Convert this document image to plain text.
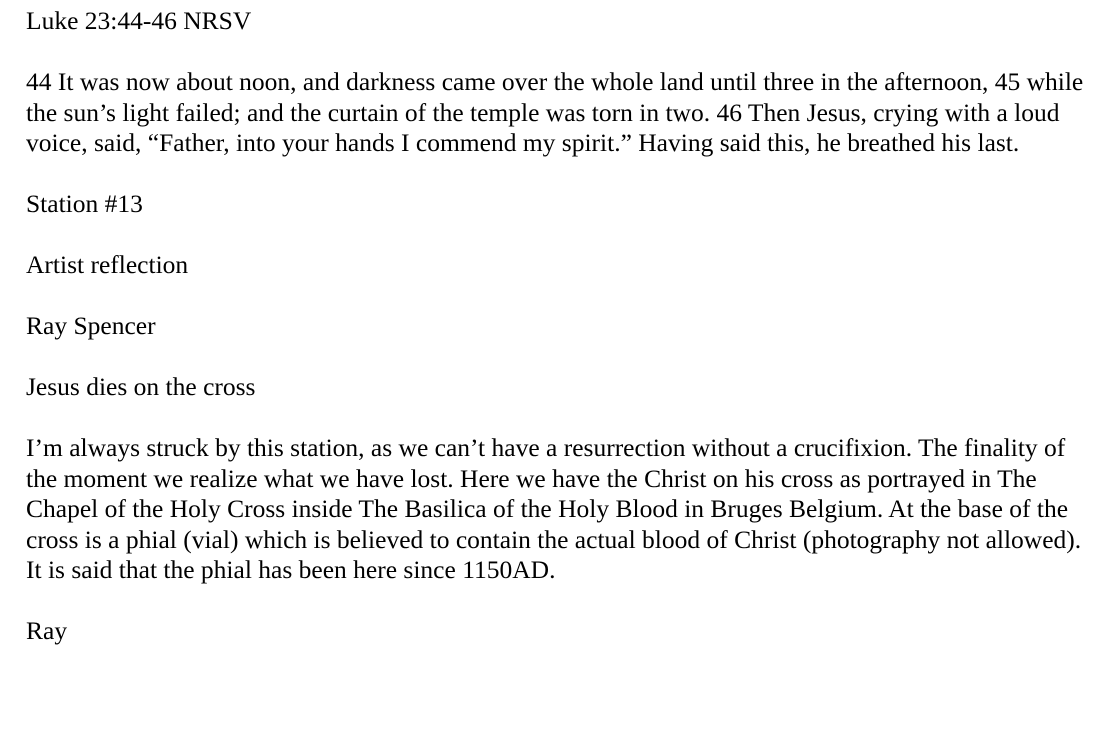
Luke 23:44-46 NRSV

44 It was now about noon, and darkness came over the whole land until three in the afternoon, 45 while the sun’s light failed; and the curtain of the temple was torn in two. 46 Then Jesus, crying with a loud voice, said, “Father, into your hands I commend my spirit.” Having said this, he breathed his last.

Station #13

Artist reflection

Ray Spencer

Jesus dies on the cross

I’m always struck by this station, as we can’t have a resurrection without a crucifixion. The finality of the moment we realize what we have lost. Here we have the Christ on his cross as portrayed in The Chapel of the Holy Cross inside The Basilica of the Holy Blood in Bruges Belgium. At the base of the cross is a phial (vial) which is believed to contain the actual blood of Christ (photography not allowed). It is said that the phial has been here since 1150AD.

Ray
